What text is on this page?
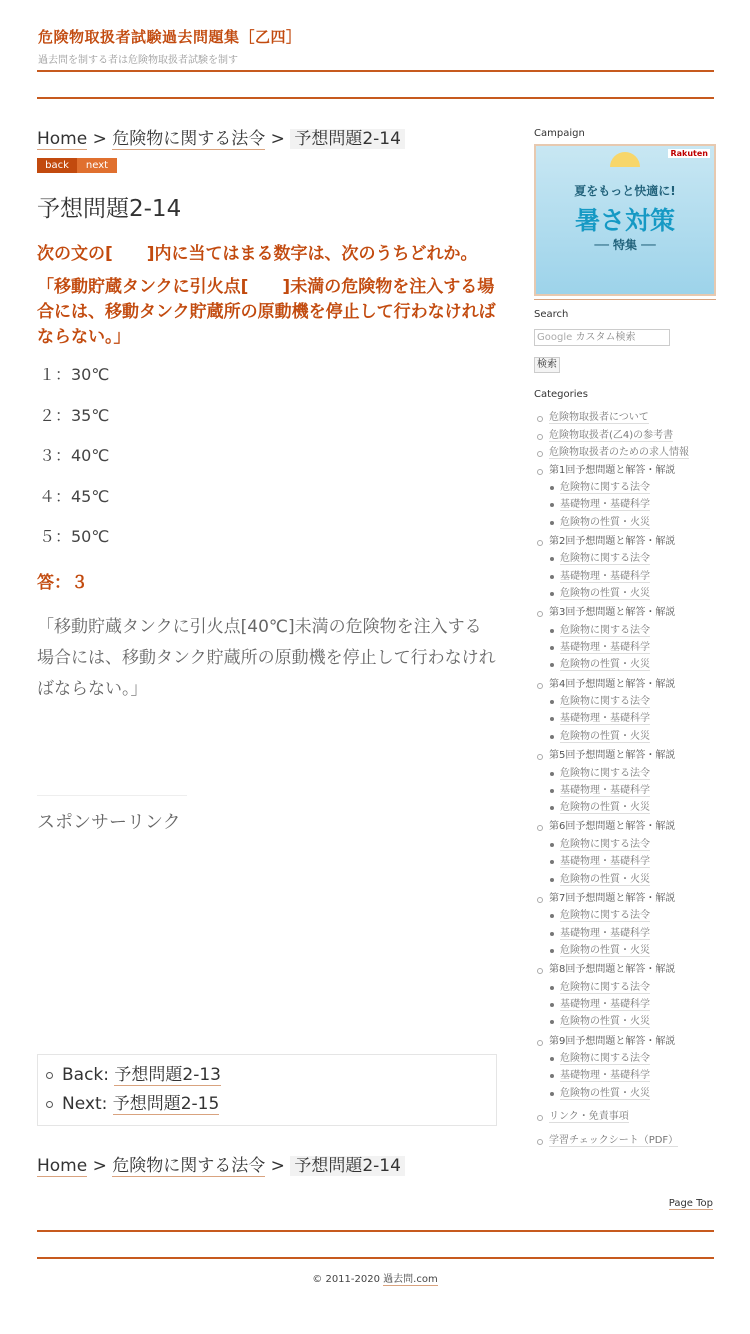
危険物取扱者試験過去問題集［乙四］
過去問を制する者は危険物取扱者試験を制す
Home > 危険物に関する法令 > 予想問題2-14
back	next
予想問題2-14
次の文の[　　]内に当てはまる数字は、次のうちどれか。
「移動貯蔵タンクに引火点[　　]未満の危険物を注入する場合には、移動タンク貯蔵所の原動機を停止して行わなければならない。」
１：30℃
２：35℃
３：40℃
４：45℃
５：50℃
答：３
「移動貯蔵タンクに引火点[40℃]未満の危険物を注入する場合には、移動タンク貯蔵所の原動機を停止して行わなければならない。」
スポンサーリンク
Back: 予想問題2-13
Next: 予想問題2-15
Home > 危険物に関する法令 > 予想問題2-14
Campaign
Rakuten
夏をもっと快適に!
暑さ対策
── 特集 ──
Search
Google カスタム検索
検索
Categories
危険物取扱者について
危険物取扱者(乙4)の参考書
危険物取扱者のための求人情報
第1回予想問題と解答・解説
危険物に関する法令
基礎物理・基礎科学
危険物の性質・火災
第2回予想問題と解答・解説
危険物に関する法令
基礎物理・基礎科学
危険物の性質・火災
第3回予想問題と解答・解説
危険物に関する法令
基礎物理・基礎科学
危険物の性質・火災
第4回予想問題と解答・解説
危険物に関する法令
基礎物理・基礎科学
危険物の性質・火災
第5回予想問題と解答・解説
危険物に関する法令
基礎物理・基礎科学
危険物の性質・火災
第6回予想問題と解答・解説
危険物に関する法令
基礎物理・基礎科学
危険物の性質・火災
第7回予想問題と解答・解説
危険物に関する法令
基礎物理・基礎科学
危険物の性質・火災
第8回予想問題と解答・解説
危険物に関する法令
基礎物理・基礎科学
危険物の性質・火災
第9回予想問題と解答・解説
危険物に関する法令
基礎物理・基礎科学
危険物の性質・火災
リンク・免責事項
学習チェックシート（PDF）
Page Top
© 2011-2020 過去問.com
